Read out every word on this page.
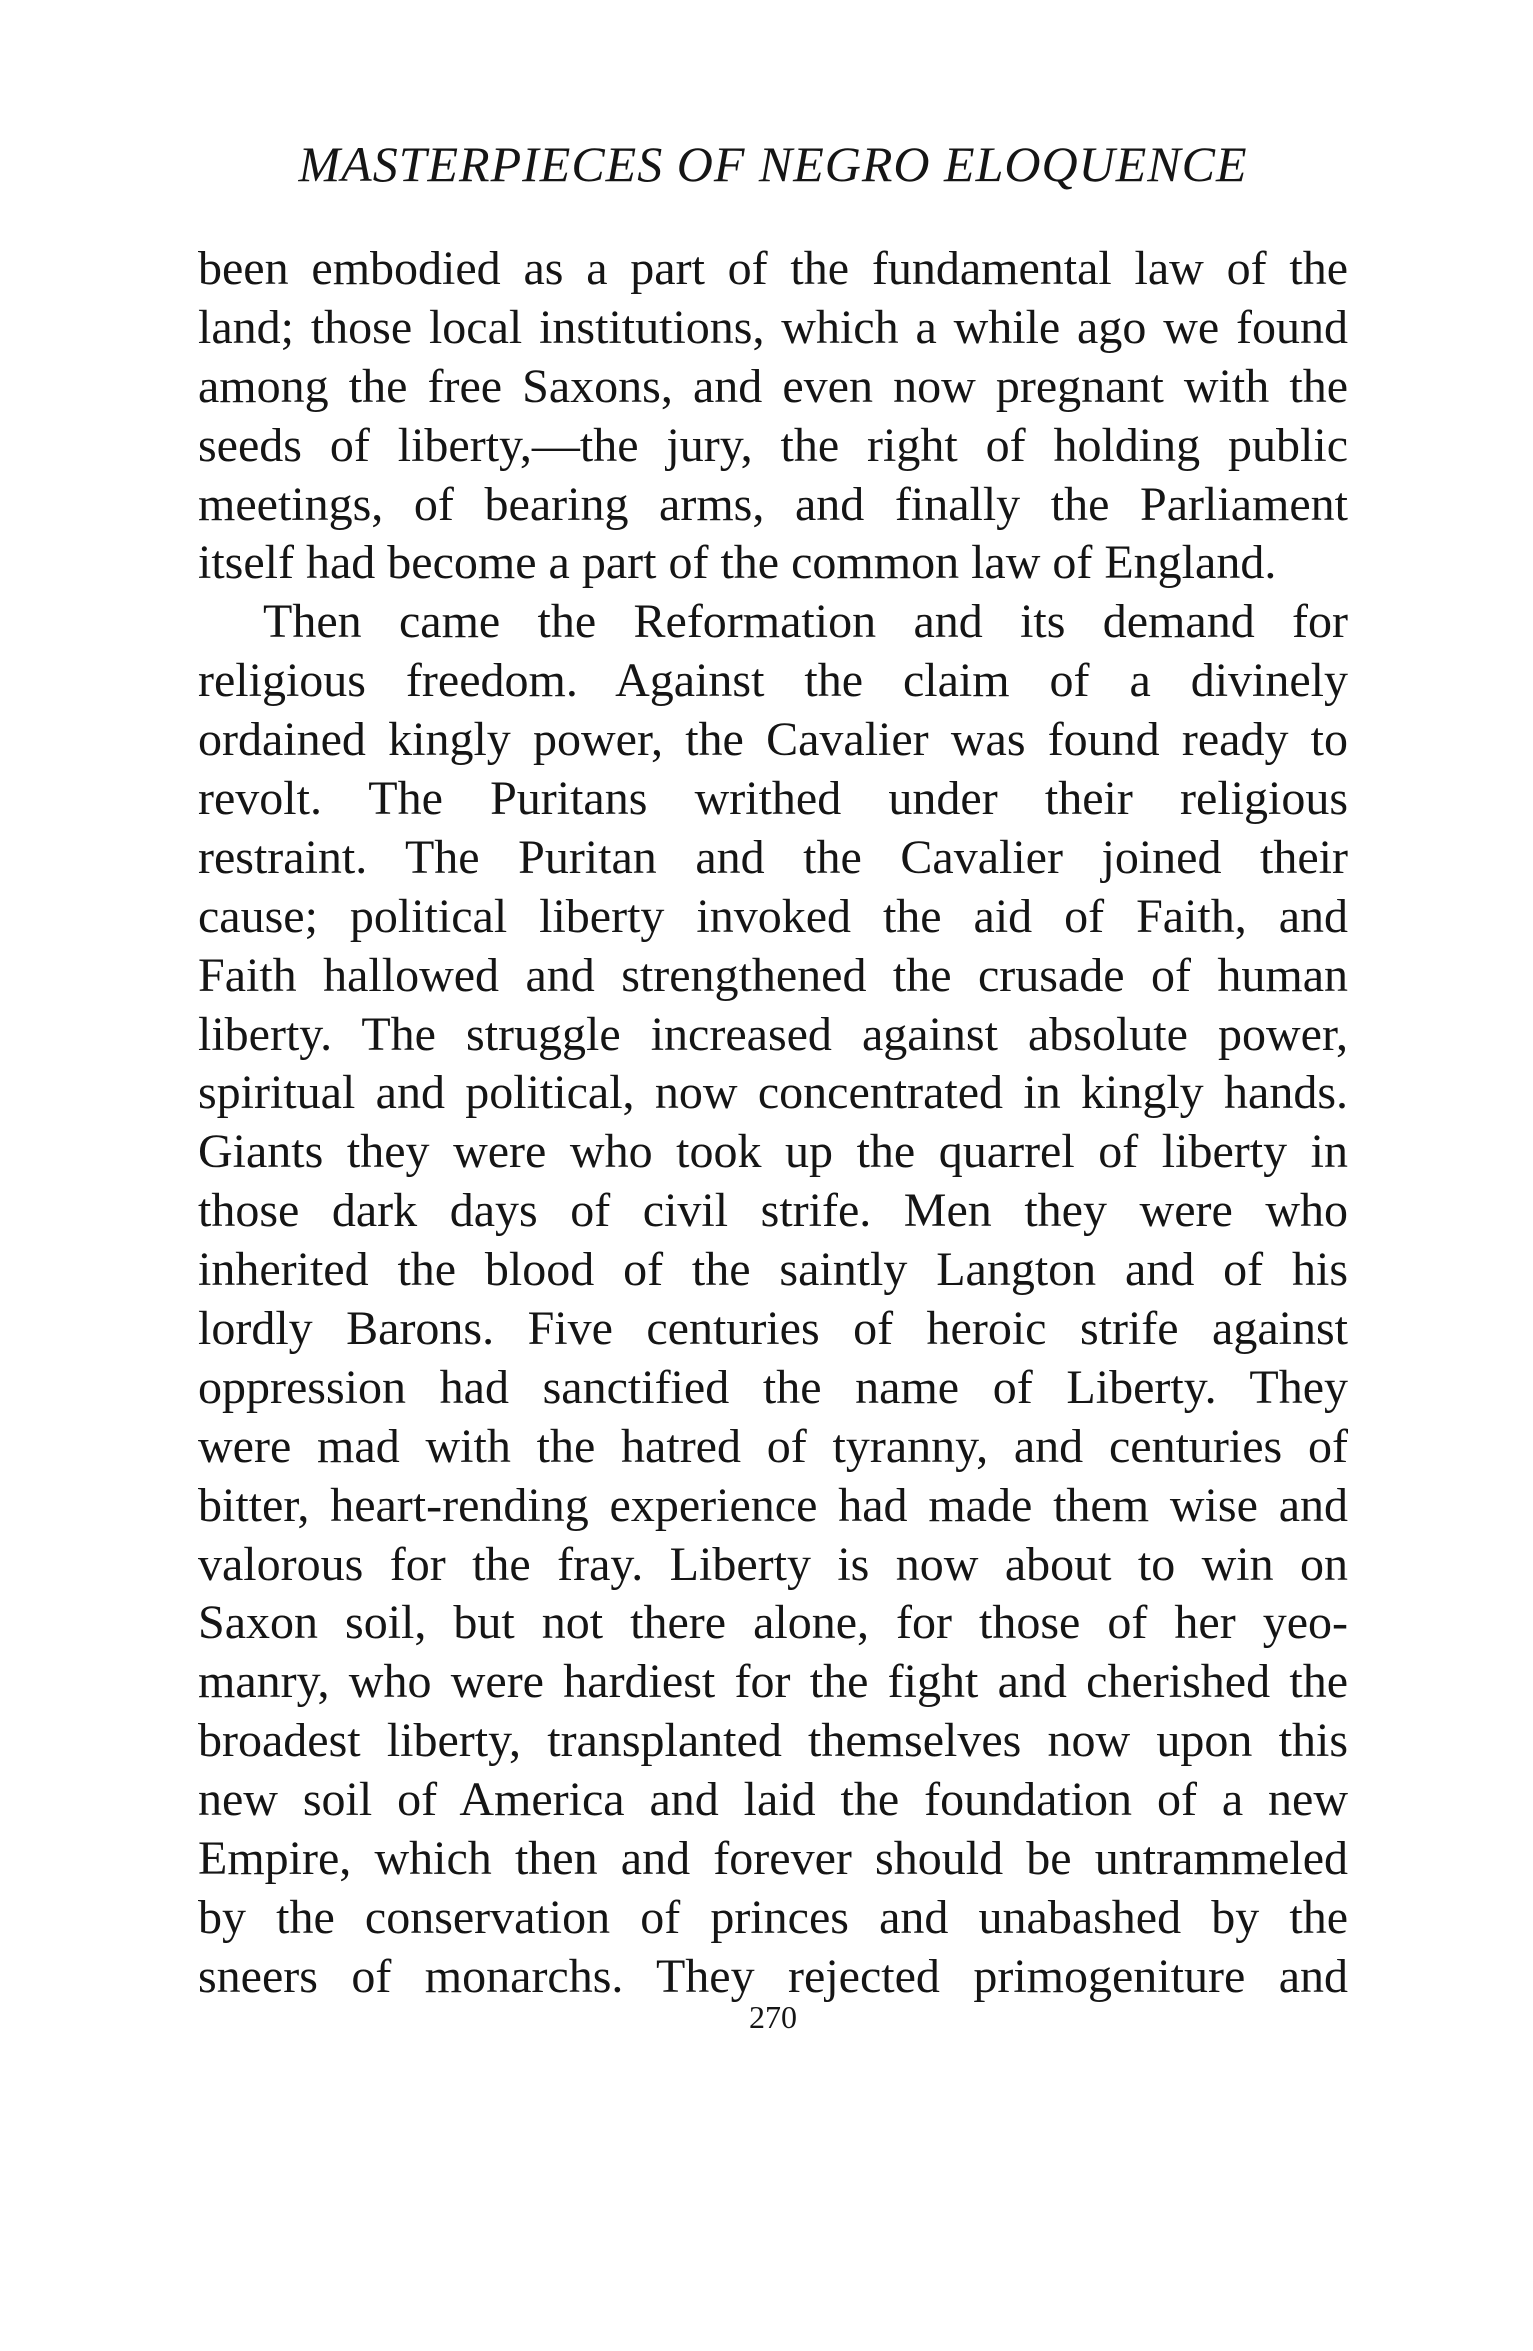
MASTERPIECES OF NEGRO ELOQUENCE
been embodied as a part of the fundamental law of the
land; those local institutions, which a while ago we found
among the free Saxons, and even now pregnant with the
seeds of liberty,—the jury, the right of holding public
meetings, of bearing arms, and finally the Parliament
itself had become a part of the common law of England.
Then came the Reformation and its demand for
religious freedom. Against the claim of a divinely
ordained kingly power, the Cavalier was found ready to
revolt. The Puritans writhed under their religious
restraint. The Puritan and the Cavalier joined their
cause; political liberty invoked the aid of Faith, and
Faith hallowed and strengthened the crusade of human
liberty. The struggle increased against absolute power,
spiritual and political, now concentrated in kingly hands.
Giants they were who took up the quarrel of liberty in
those dark days of civil strife. Men they were who
inherited the blood of the saintly Langton and of his
lordly Barons. Five centuries of heroic strife against
oppression had sanctified the name of Liberty. They
were mad with the hatred of tyranny, and centuries of
bitter, heart-rending experience had made them wise and
valorous for the fray. Liberty is now about to win on
Saxon soil, but not there alone, for those of her yeo-
manry, who were hardiest for the fight and cherished the
broadest liberty, transplanted themselves now upon this
new soil of America and laid the foundation of a new
Empire, which then and forever should be untrammeled
by the conservation of princes and unabashed by the
sneers of monarchs. They rejected primogeniture and
270
